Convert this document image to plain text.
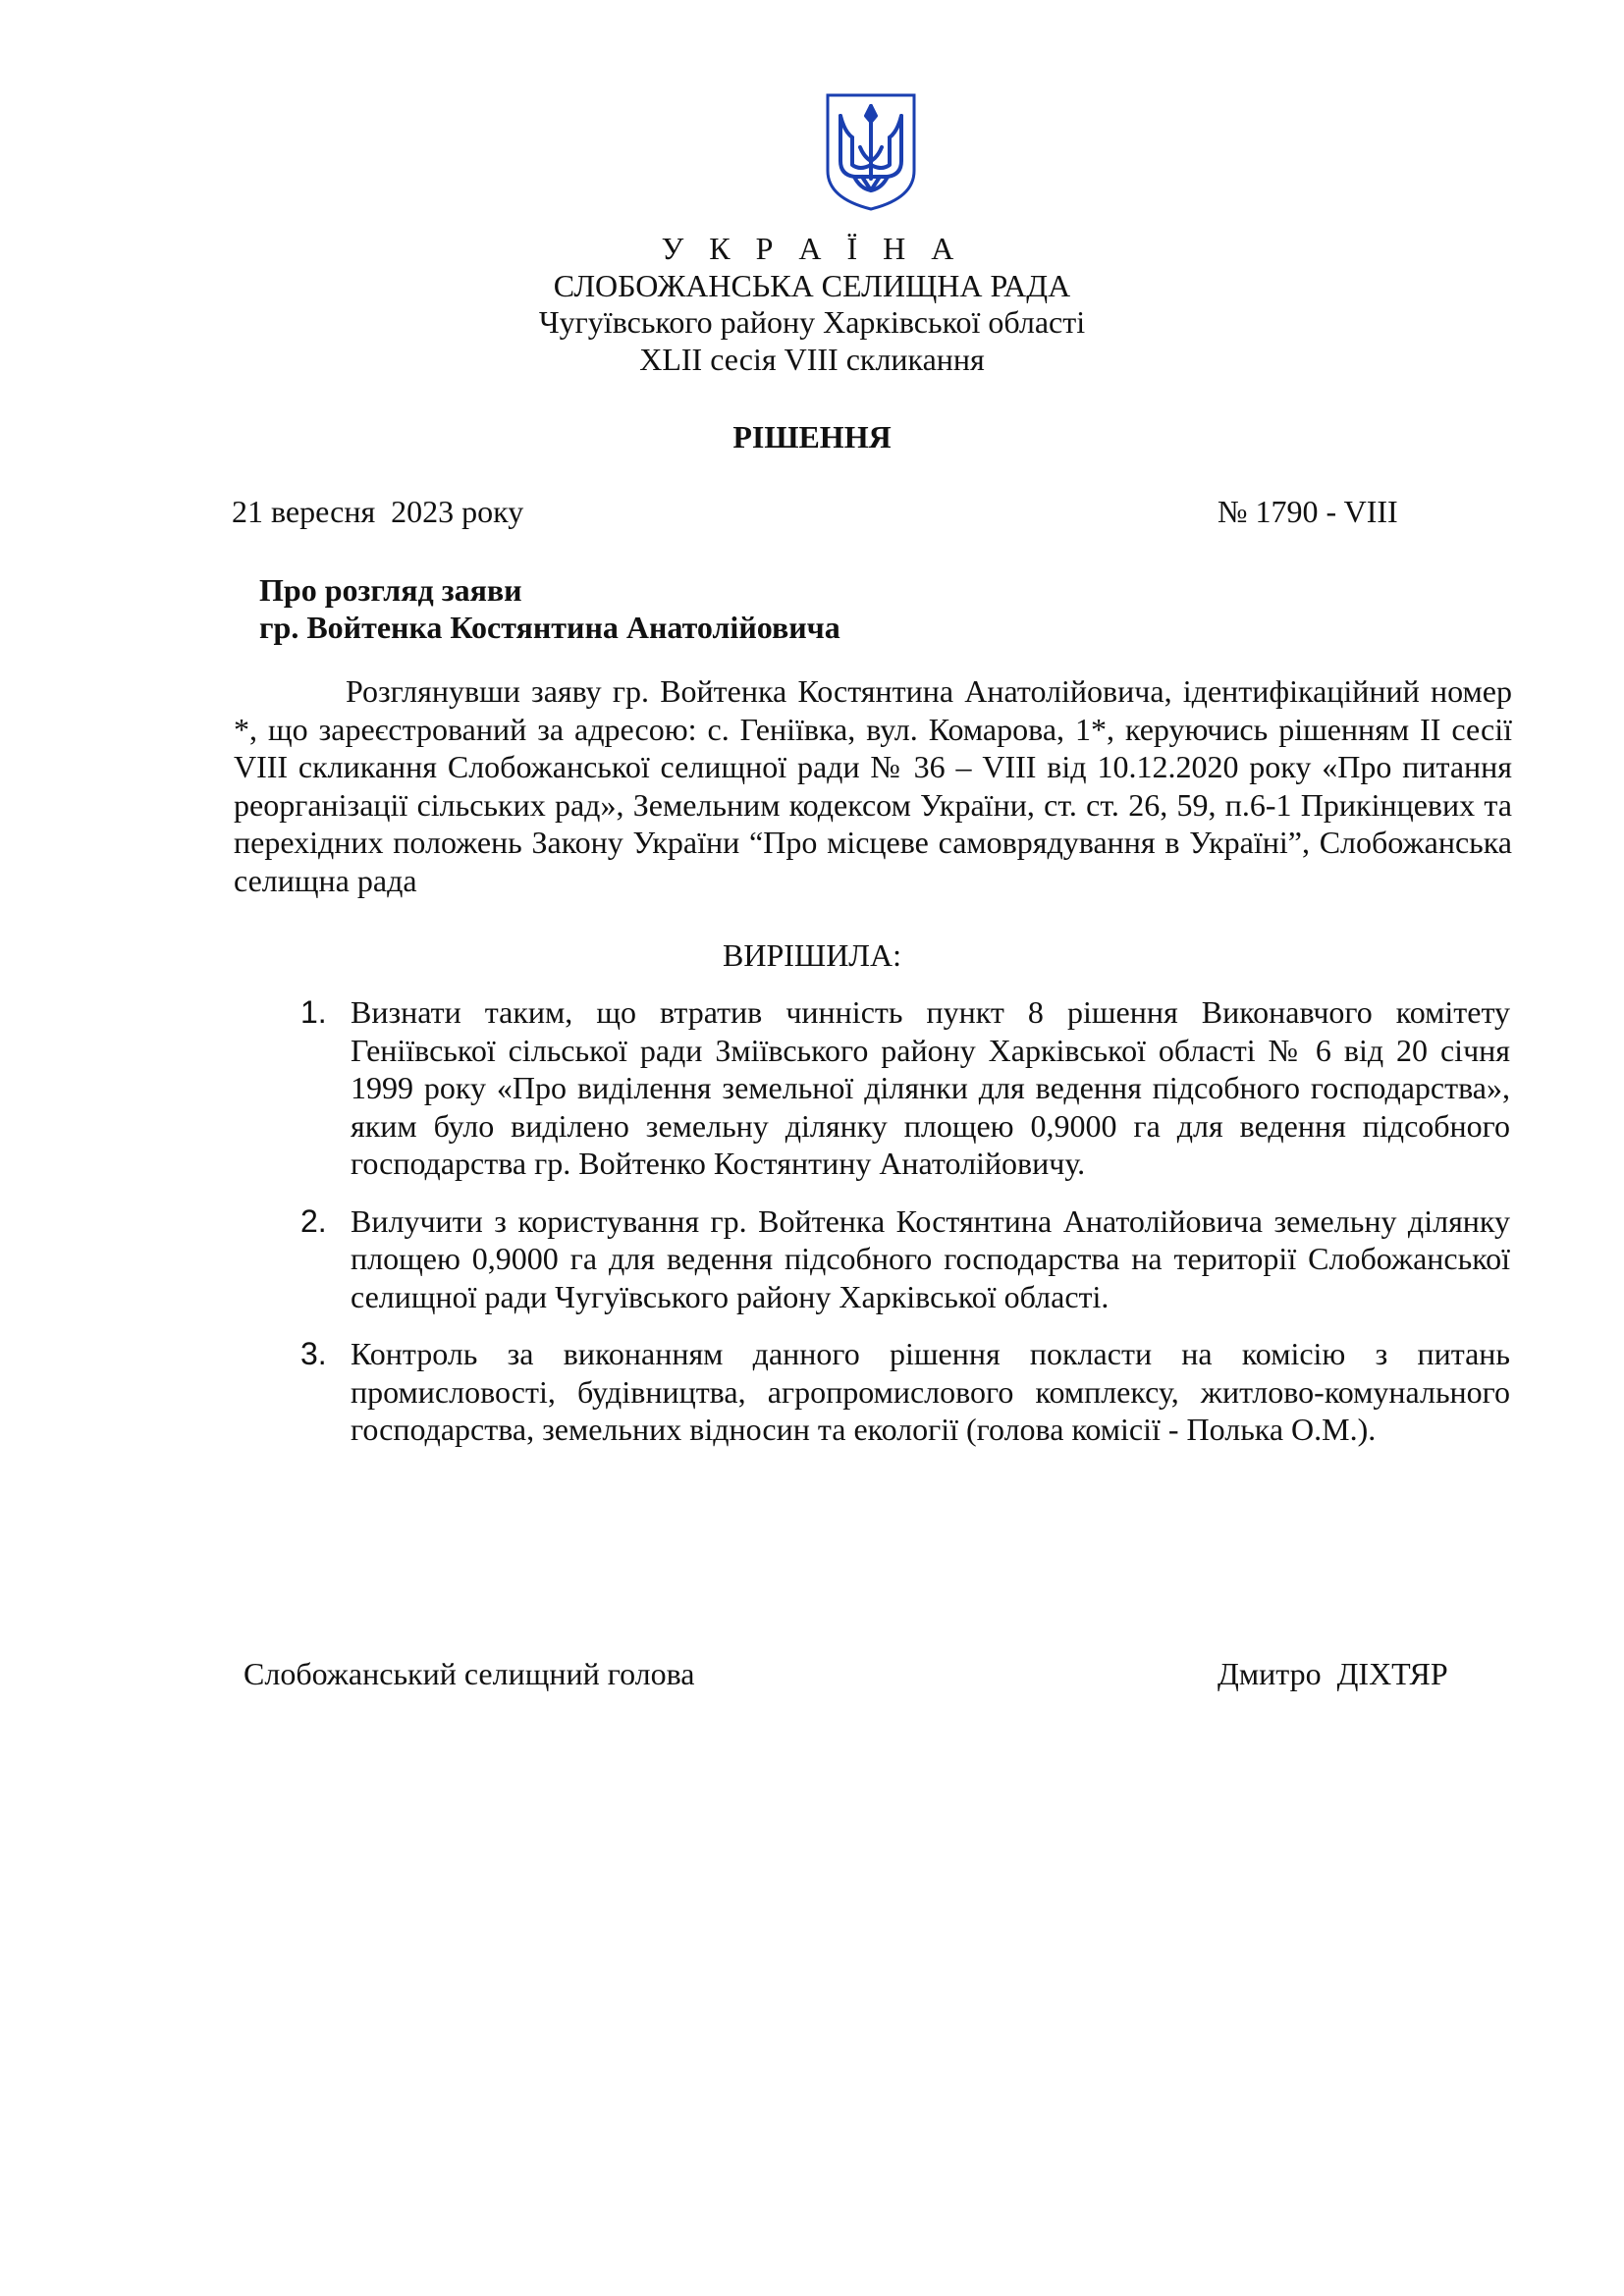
У К Р А Ї Н А
СЛОБОЖАНСЬКА СЕЛИЩНА РАДА
Чугуївського району Харківської області
XLII сесія VIII скликання
РІШЕННЯ
21 вересня  2023 року	№ 1790 - VIII
Про розгляд заяви
гр. Войтенка Костянтина Анатолійовича
Розглянувши заяву гр. Войтенка Костянтина Анатолійовича, ідентифікаційний номер *, що зареєстрований за адресою: с. Геніївка, вул. Комарова, 1*, керуючись рішенням ІІ сесії VIII скликання Слобожанської селищної ради № 36 – VIII від 10.12.2020 року «Про питання реорганізації сільських рад», Земельним кодексом України, ст. ст. 26, 59, п.6-1 Прикінцевих та перехідних положень Закону України “Про місцеве самоврядування в Україні”, Слобожанська селищна рада
ВИРІШИЛА:
1. Визнати таким, що втратив чинність пункт 8 рішення Виконавчого комітету Геніївської сільської ради Зміївського району Харківської області № 6 від 20 січня 1999 року «Про виділення земельної ділянки для ведення підсобного господарства», яким було виділено земельну ділянку площею 0,9000 га для ведення підсобного господарства гр. Войтенко Костянтину Анатолійовичу.
2. Вилучити з користування гр. Войтенка Костянтина Анатолійовича земельну ділянку площею 0,9000 га для ведення підсобного господарства на території Слобожанської селищної ради Чугуївського району Харківської області.
3. Контроль за виконанням данного рішення покласти на комісію з питань промисловості, будівництва, агропромислового комплексу, житлово-комунального господарства, земельних відносин та екології (голова комісії - Полька О.М.).
Слобожанський селищний голова	Дмитро  ДІХТЯР
